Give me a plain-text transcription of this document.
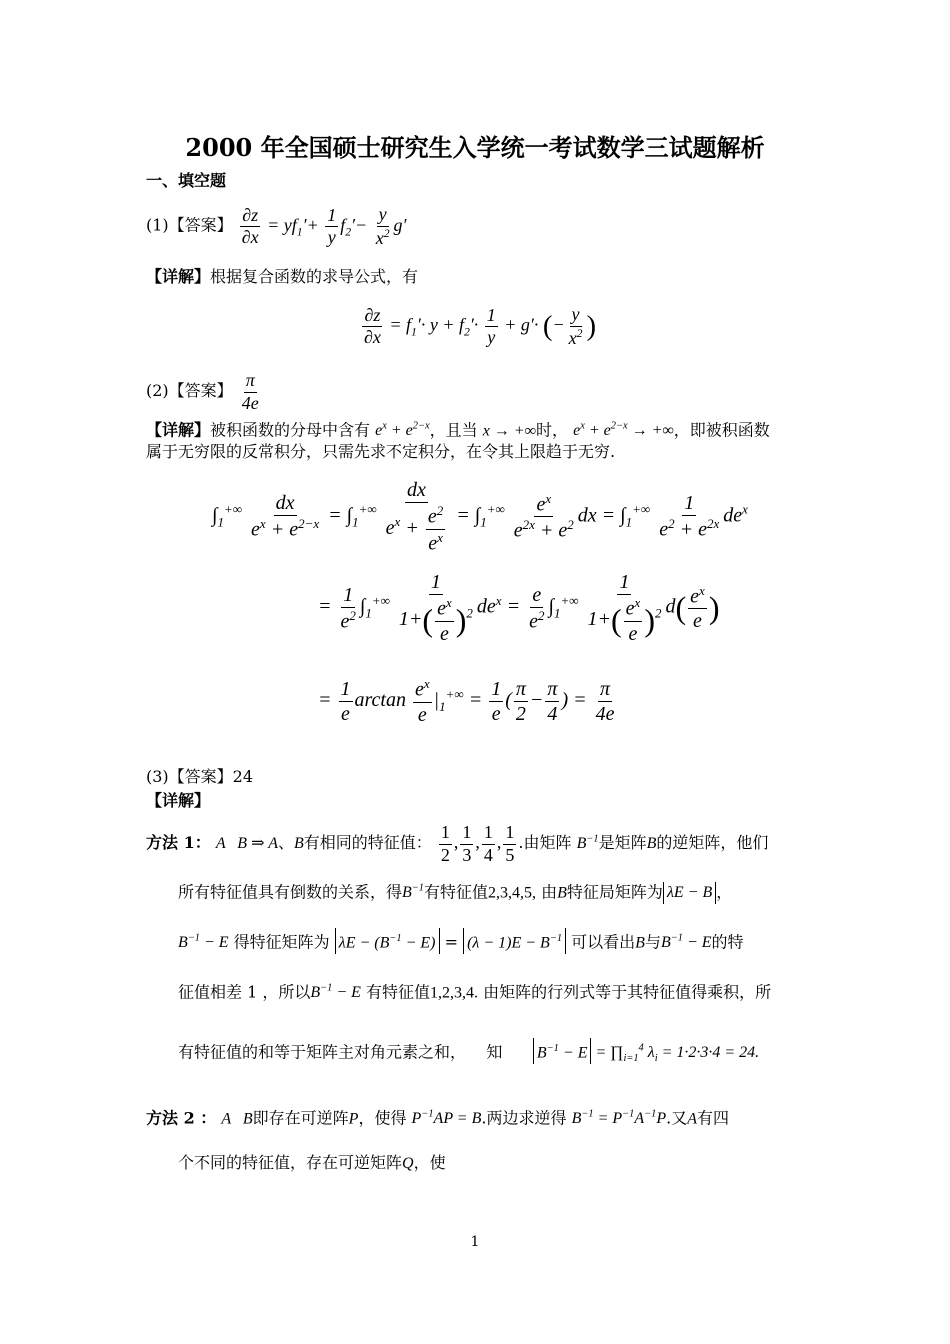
2000 年全国硕士研究生入学统一考试数学三试题解析
一、填空题
(1)【答案】 $\frac{\partial z}{\partial x} = yf_1'+ \frac{1}{y} f_2'- \frac{y}{x^2} g'$
【详解】根据复合函数的求导公式，有
$\frac{\partial z}{\partial x} = f_1'\cdot y + f_2'\cdot \frac{1}{y} + g'\cdot$ (− $\frac{y}{x^2}$ )
(2)【答案】 $\frac{\pi}{4e}$
【详解】被积函数的分母中含有 $e^x + e^{2-x}$，且当 x → +∞时， $e^x + e^{2-x}$ → +∞，即被积函数
属于无穷限的反常积分，只需先求不定积分，在令其上限趋于无穷.
$\int_1^{+\infty} \frac{dx}{e^x + e^{2-x}} = \int_1^{+\infty} \frac{dx}{e^x + \frac{e^2}{e^x}} = \int_1^{+\infty} \frac{e^x}{e^{2x} + e^2}$ dx = $\int_1^{+\infty} \frac{1}{e^2 + e^{2x}} de^x$
= $\frac{1}{e^2} \int_1^{+\infty} \frac{1}{1+( \frac{e^x}{e} )^2} de^x = \frac{e}{e^2} \int_1^{+\infty} \frac{1}{1+( \frac{e^x}{e} )^2} d( \frac{e^x}{e}$ )
= $\frac{1}{e}$ $\arctan \frac{e^x}{e} |_1^{+\infty} = \frac{1}{e}$ ( $\frac{\pi}{2} - \frac{\pi}{4}$ ) = $\frac{\pi}{4e}$
(3)【答案】24
【详解】
方法 1： A   B ⇒ A、B有相同的特征值： $\frac{1}{2}$ , $\frac{1}{3}$ , $\frac{1}{4}$ , $\frac{1}{5}$ .由矩阵 $B^{-1}$是矩阵B的逆矩阵，他们
所有特征值具有倒数的关系，得$B^{-1}$有特征值2,3,4,5, 由B特征局矩阵为 λE − B ，
$B^{-1} - E$ 得特征矩阵为 $\lambda E - (B^{-1} - E) = (\lambda - 1)E - B^{-1}$ 可以看出B与$B^{-1} - E$的特
征值相差 1 ，所以$B^{-1} - E$ 有特征值1,2,3,4. 由矩阵的行列式等于其特征值得乘积，所
有特征值的和等于矩阵主对角元素之和， 知 $B^{-1} - E$ = $\prod_{i=1}^4$ $\lambda_i = 1\cdot 2\cdot 3\cdot 4 = 24$.
方法 2 ： A   B即存在可逆阵P，使得 $P^{-1}AP = B$.两边求逆得 $B^{-1} = P^{-1}A^{-1}P$.又A有四
个不同的特征值，存在可逆矩阵Q，使
1
